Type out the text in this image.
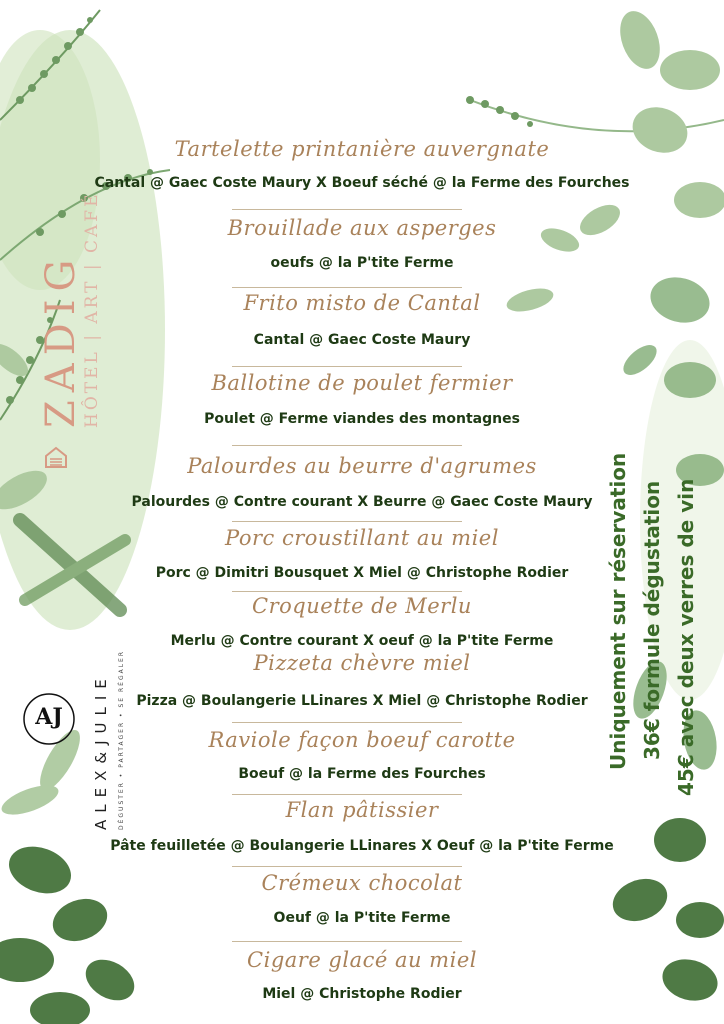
ZADIG
HÔTEL | ART | CAFÉ
AJ	ALEX&JULIE DÉGUSTER • PARTAGER • SE RÉGALER	Uniquement sur réservation 36€ formule dégustation 45€ avec deux verres de vin
Tartelette printanière auvergnate
Cantal @ Gaec Coste Maury X Boeuf séché @ la Ferme des Fourches
Brouillade aux asperges
oeufs @ la P'tite Ferme
Frito misto de Cantal
Cantal @ Gaec Coste Maury
Ballotine de poulet fermier
Poulet @ Ferme viandes des montagnes
Palourdes au beurre d'agrumes
Palourdes @ Contre courant X Beurre @ Gaec Coste Maury
Porc croustillant au miel
Porc @ Dimitri Bousquet X Miel @ Christophe Rodier
Croquette de Merlu
Merlu @ Contre courant X oeuf @ la P'tite Ferme
Pizzeta chèvre miel
Pizza @ Boulangerie LLinares X Miel @ Christophe Rodier
Raviole façon boeuf carotte
Boeuf @ la Ferme des Fourches
Flan pâtissier
Pâte feuilletée @ Boulangerie LLinares X Oeuf @ la P'tite Ferme
Crémeux chocolat
Oeuf @ la P'tite Ferme
Cigare glacé au miel
Miel @ Christophe Rodier
